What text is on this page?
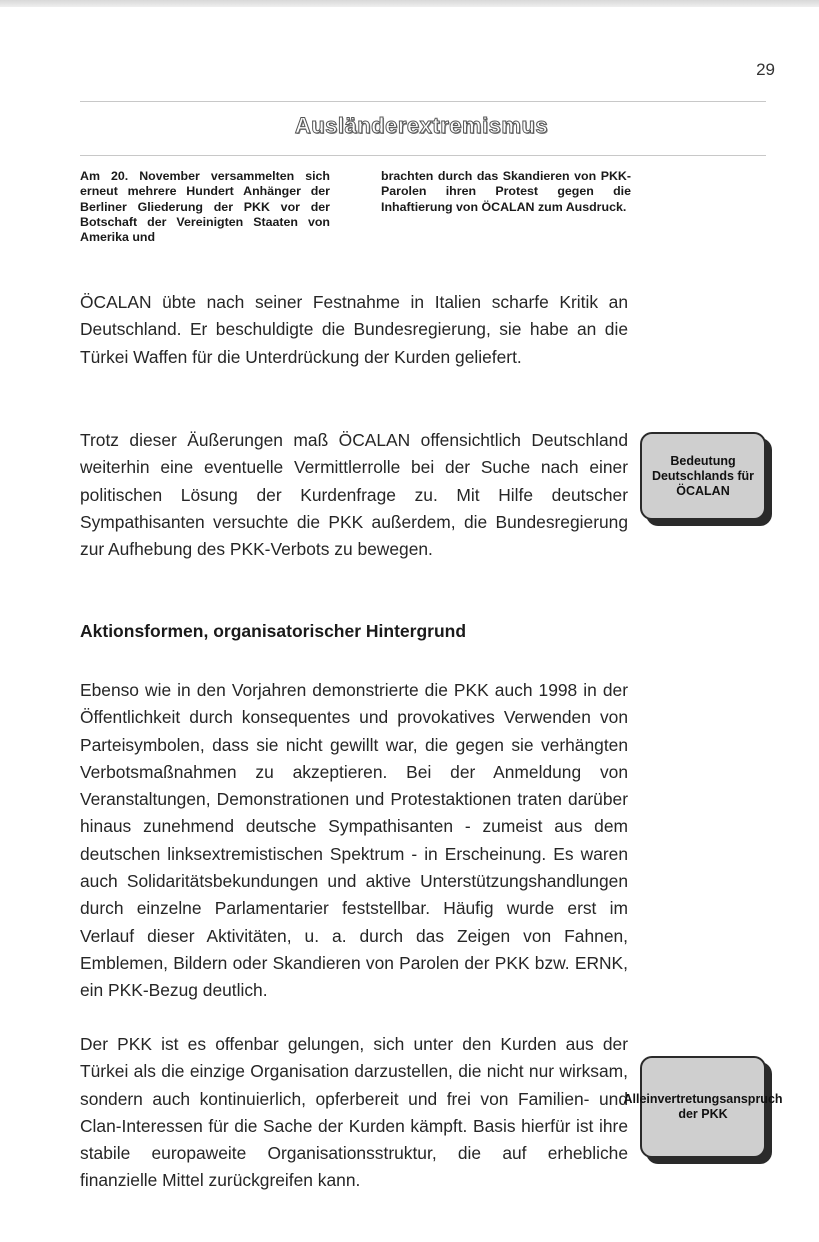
29
Ausländerextremismus
Am 20. November versammelten sich erneut mehrere Hundert Anhänger der Berliner Gliederung der PKK vor der Botschaft der Vereinigten Staaten von Amerika und
brachten durch das Skandieren von PKK-Parolen ihren Protest gegen die Inhaftierung von ÖCALAN zum Ausdruck.

ÖCALAN übte nach seiner Festnahme in Italien scharfe Kritik an Deutschland. Er beschuldigte die Bundesregierung, sie habe an die Türkei Waffen für die Unterdrückung der Kurden geliefert.

Trotz dieser Äußerungen maß ÖCALAN offensichtlich Deutschland weiterhin eine eventuelle Vermittlerrolle bei der Suche nach einer politischen Lösung der Kurdenfrage zu. Mit Hilfe deutscher Sympathisanten versuchte die PKK außerdem, die Bundesregierung zur Aufhebung des PKK-Verbots zu bewegen.

Bedeutung Deutschlands für ÖCALAN
Aktionsformen, organisatorischer Hintergrund

Ebenso wie in den Vorjahren demonstrierte die PKK auch 1998 in der Öffentlichkeit durch konsequentes und provokatives Verwenden von Parteisymbolen, dass sie nicht gewillt war, die gegen sie verhängten Verbotsmaßnahmen zu akzeptieren. Bei der Anmeldung von Veranstaltungen, Demonstrationen und Protestaktionen traten darüber hinaus zunehmend deutsche Sympathisanten - zumeist aus dem deutschen linksextremistischen Spektrum - in Erscheinung. Es waren auch Solidaritätsbekundungen und aktive Unterstützungshandlungen durch einzelne Parlamentarier feststellbar. Häufig wurde erst im Verlauf dieser Aktivitäten, u. a. durch das Zeigen von Fahnen, Emblemen, Bildern oder Skandieren von Parolen der PKK bzw. ERNK, ein PKK-Bezug deutlich.

Der PKK ist es offenbar gelungen, sich unter den Kurden aus der Türkei als die einzige Organisation darzustellen, die nicht nur wirksam, sondern auch kontinuierlich, opferbereit und frei von Familien- und Clan-Interessen für die Sache der Kurden kämpft. Basis hierfür ist ihre stabile europaweite Organisationsstruktur, die auf erhebliche finanzielle Mittel zurückgreifen kann.

Alleinvertretungsanspruch der PKK
